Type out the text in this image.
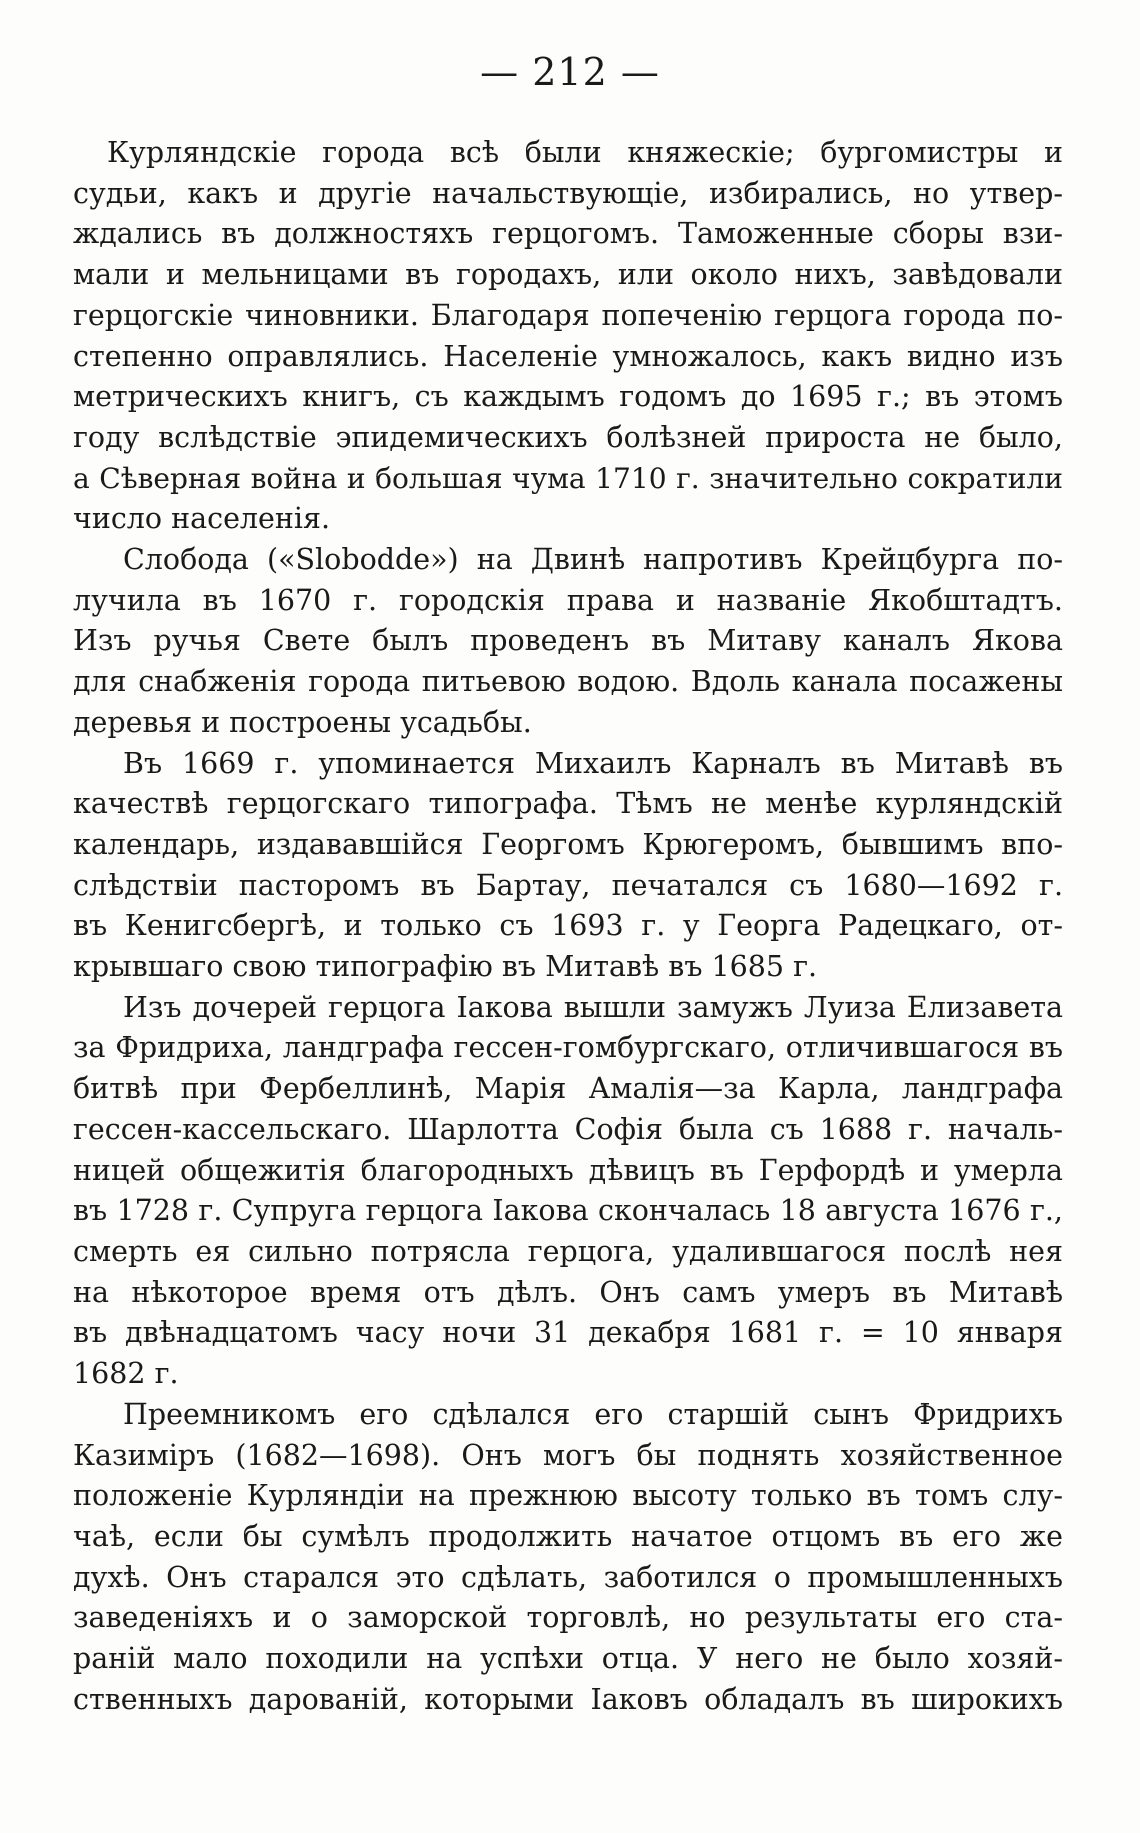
— 212 —
Курляндскіе города всѣ были княжескіе; бургомистры и
судьи, какъ и другіе начальствующіе, избирались, но утвер-
ждались въ должностяхъ герцогомъ. Таможенные сборы взи-
мали и мельницами въ городахъ, или около нихъ, завѣдовали
герцогскіе чиновники. Благодаря попеченію герцога города по-
степенно оправлялись. Населеніе умножалось, какъ видно изъ
метрическихъ книгъ, съ каждымъ годомъ до 1695 г.; въ этомъ
году вслѣдствіе эпидемическихъ болѣзней прироста не было,
а Сѣверная война и большая чума 1710 г. значительно сократили
число населенія.
Слобода («Slobodde») на Двинѣ напротивъ Крейцбурга по-
лучила въ 1670 г. городскія права и названіе Якобштадтъ.
Изъ ручья Свете былъ проведенъ въ Митаву каналъ Якова
для снабженія города питьевою водою. Вдоль канала посажены
деревья и построены усадьбы.
Въ 1669 г. упоминается Михаилъ Карналъ въ Митавѣ въ
качествѣ герцогскаго типографа. Тѣмъ не менѣе курляндскій
календарь, издававшійся Георгомъ Крюгеромъ, бывшимъ впо-
слѣдствіи пасторомъ въ Бартау, печатался съ 1680—1692 г.
въ Кенигсбергѣ, и только съ 1693 г. у Георга Радецкаго, от-
крывшаго свою типографію въ Митавѣ въ 1685 г.
Изъ дочерей герцога Іакова вышли замужъ Луиза Елизавета
за Фридриха, ландграфа гессен-гомбургскаго, отличившагося въ
битвѣ при Фербеллинѣ, Марія Амалія—за Карла, ландграфа
гессен-кассельскаго. Шарлотта Софія была съ 1688 г. началь-
ницей общежитія благородныхъ дѣвицъ въ Герфордѣ и умерла
въ 1728 г. Супруга герцога Іакова скончалась 18 августа 1676 г.,
смерть ея сильно потрясла герцога, удалившагося послѣ нея
на нѣкоторое время отъ дѣлъ. Онъ самъ умеръ въ Митавѣ
въ двѣнадцатомъ часу ночи 31 декабря 1681 г. = 10 января
1682 г.
Преемникомъ его сдѣлался его старшій сынъ Фридрихъ
Казиміръ (1682—1698). Онъ могъ бы поднять хозяйственное
положеніе Курляндіи на прежнюю высоту только въ томъ слу-
чаѣ, если бы сумѣлъ продолжить начатое отцомъ въ его же
духѣ. Онъ старался это сдѣлать, заботился о промышленныхъ
заведеніяхъ и о заморской торговлѣ, но результаты его ста-
раній мало походили на успѣхи отца. У него не было хозяй-
ственныхъ дарованій, которыми Іаковъ обладалъ въ широкихъ
